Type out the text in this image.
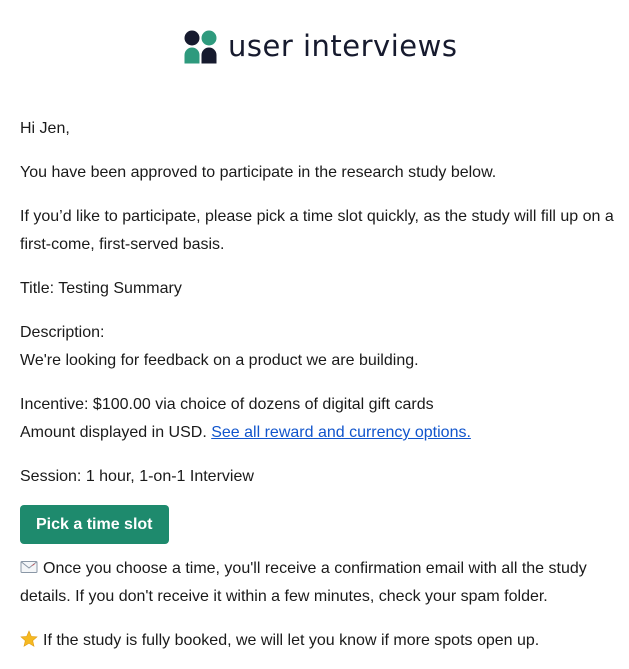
user interviews

Hi Jen,

You have been approved to participate in the research study below.

If you’d like to participate, please pick a time slot quickly, as the study will fill up on a first-come, first-served basis.

Title: Testing Summary

Description:

We're looking for feedback on a product we are building.

Incentive: $100.00 via choice of dozens of digital gift cards

Amount displayed in USD. See all reward and currency options.

Session: 1 hour, 1-on-1 Interview

Pick a time slot

Once you choose a time, you'll receive a confirmation email with all the study details. If you don't receive it within a few minutes, check your spam folder.

If the study is fully booked, we will let you know if more spots open up.
